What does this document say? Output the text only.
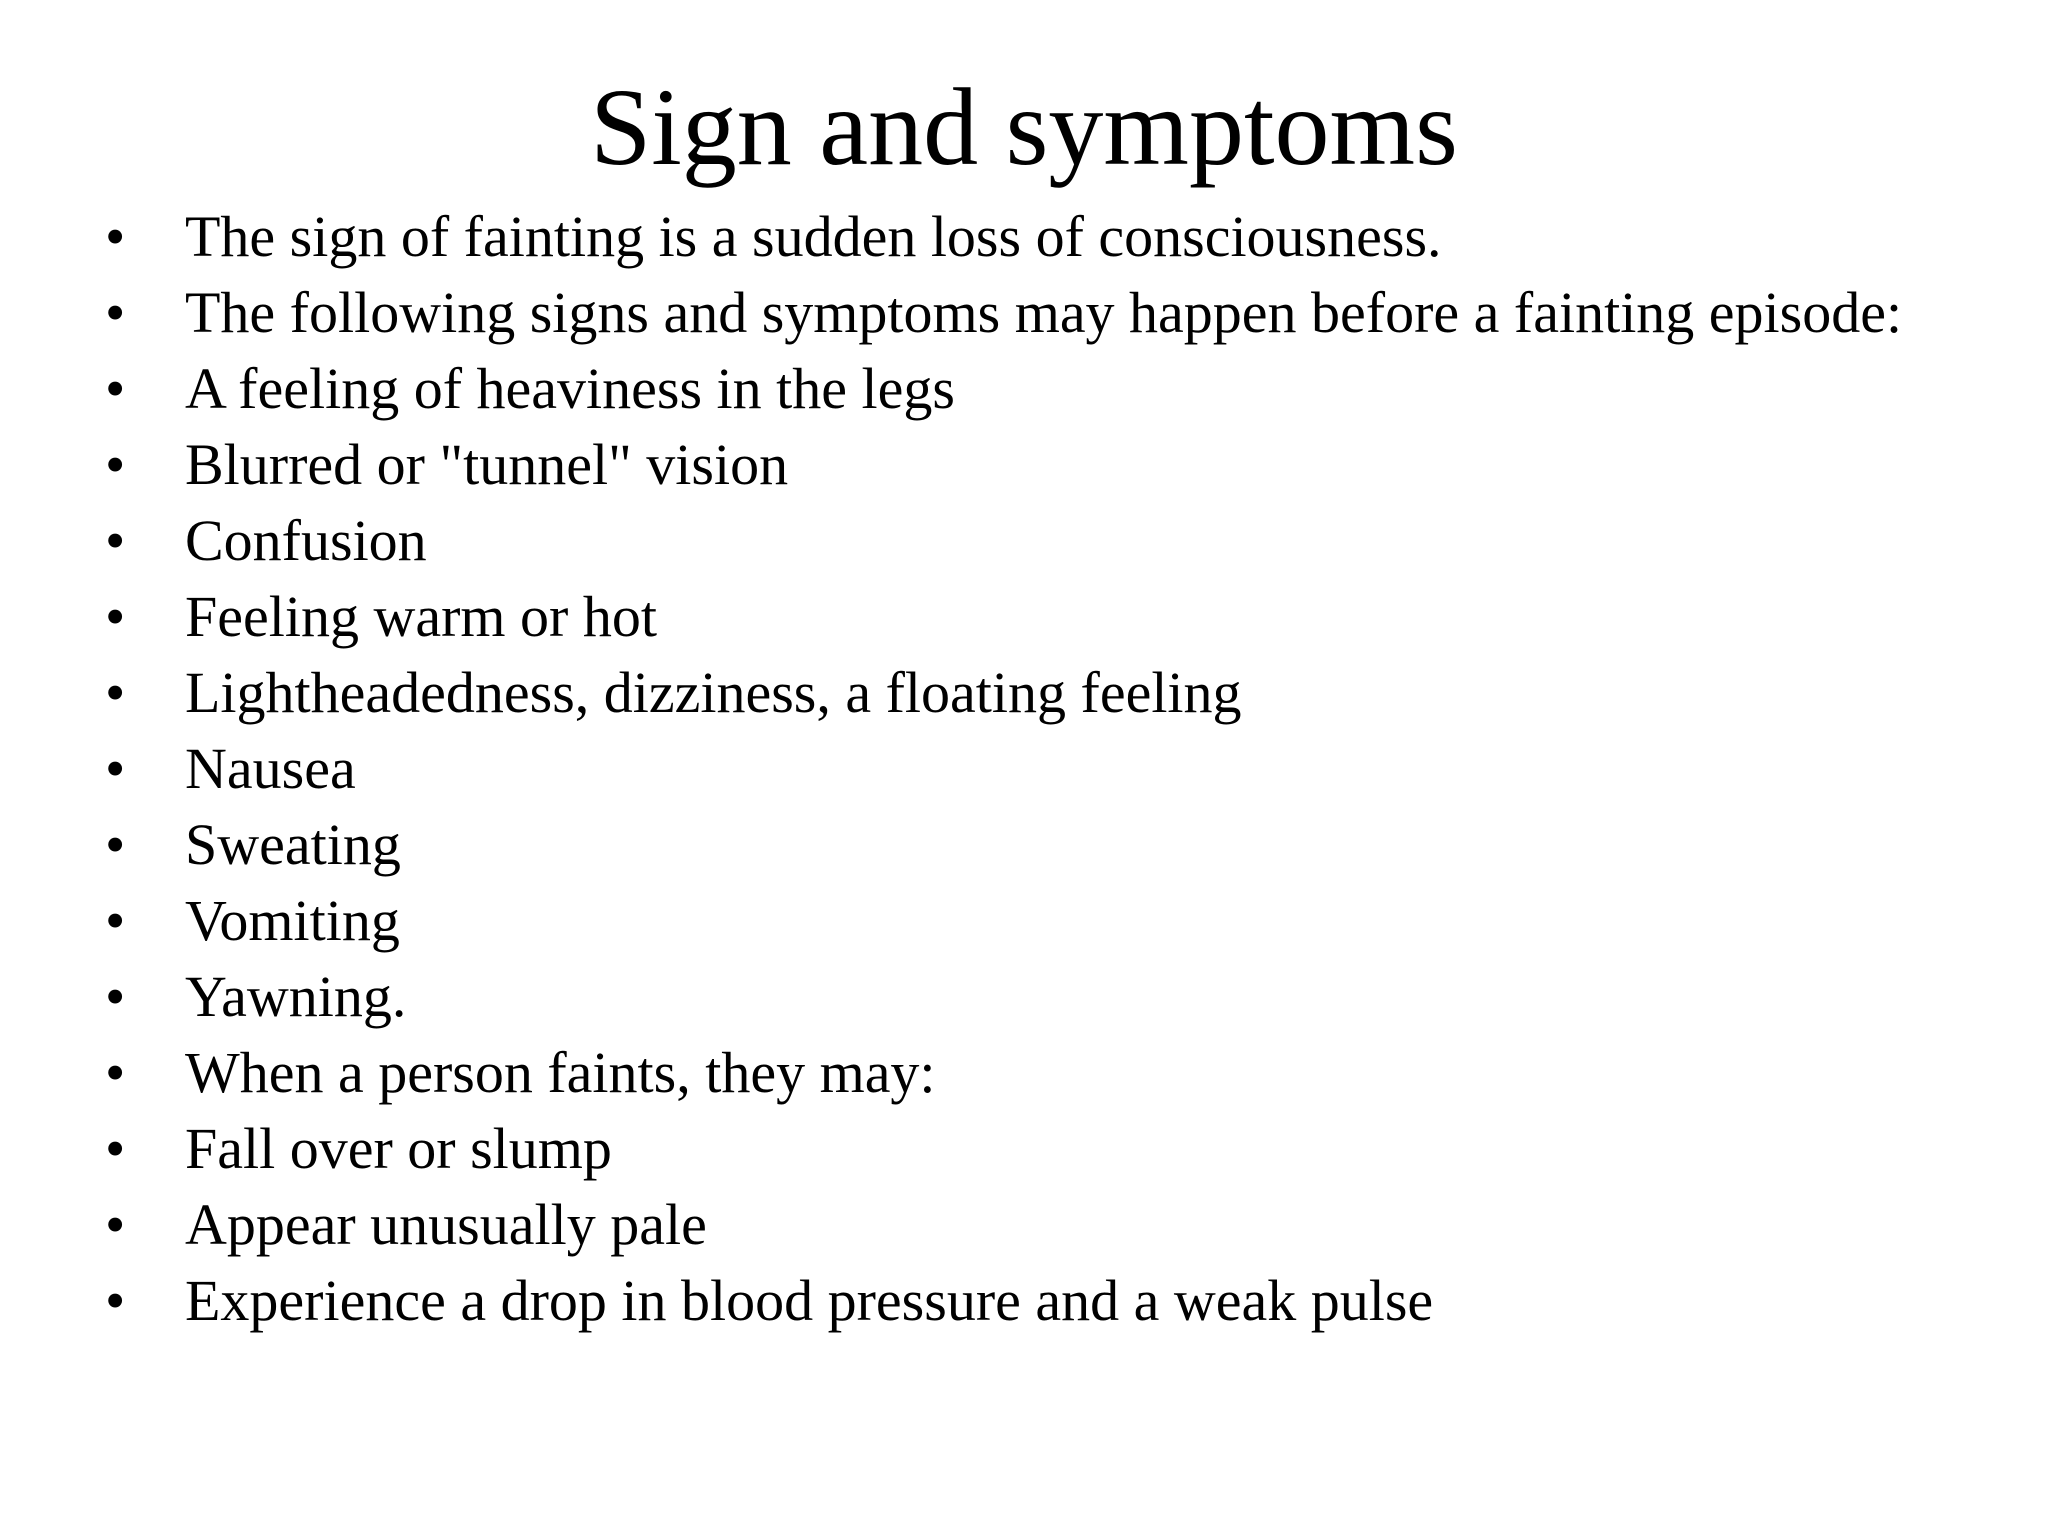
Sign and symptoms
•	The sign of fainting is a sudden loss of consciousness.
•	The following signs and symptoms may happen before a fainting episode:
•	A feeling of heaviness in the legs
•	Blurred or "tunnel" vision
•	Confusion
•	Feeling warm or hot
•	Lightheadedness, dizziness, a floating feeling
•	Nausea
•	Sweating
•	Vomiting
•	Yawning.
•	When a person faints, they may:
•	Fall over or slump
•	Appear unusually pale
•	Experience a drop in blood pressure and a weak pulse
